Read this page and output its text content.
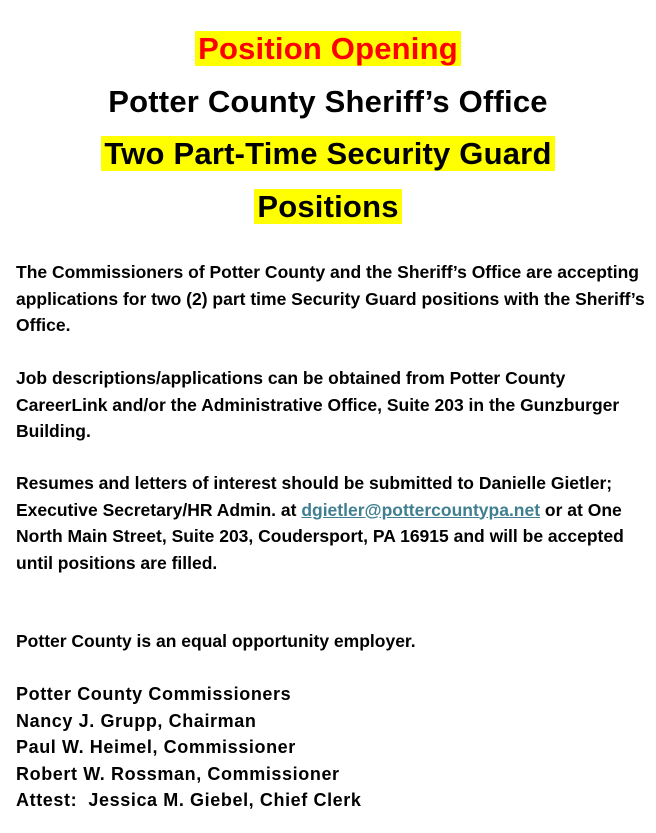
Position Opening
Potter County Sheriff’s Office
Two Part-Time Security Guard
Positions

The Commissioners of Potter County and the Sheriff’s Office are accepting applications for two (2) part time Security Guard positions with the Sheriff’s Office.

Job descriptions/applications can be obtained from Potter County CareerLink and/or the Administrative Office, Suite 203 in the Gunzburger Building.

Resumes and letters of interest should be submitted to Danielle Gietler; Executive Secretary/HR Admin. at dgietler@pottercountypa.net or at One North Main Street, Suite 203, Coudersport, PA 16915 and will be accepted until positions are filled.

Potter County is an equal opportunity employer.

Potter County Commissioners
Nancy J. Grupp, Chairman
Paul W. Heimel, Commissioner
Robert W. Rossman, Commissioner
Attest:  Jessica M. Giebel, Chief Clerk
